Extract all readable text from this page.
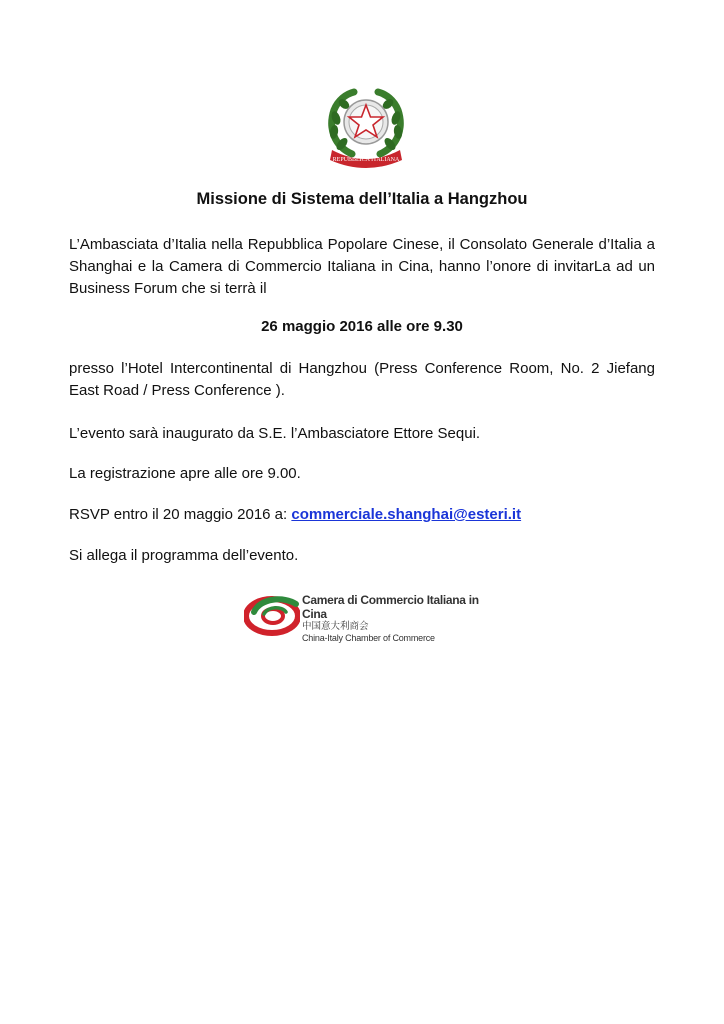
REPUBBLICA ITALIANA
Missione di Sistema dell’Italia a Hangzhou
L’Ambasciata d’Italia nella Repubblica Popolare Cinese, il Consolato Generale d’Italia a Shanghai e la Camera di Commercio Italiana in Cina, hanno l’onore di invitarLa ad un Business Forum che si terrà il
26 maggio 2016 alle ore 9.30
presso l’Hotel Intercontinental di Hangzhou (Press Conference Room, No. 2 Jiefang East Road / Press Conference ).
L’evento sarà inaugurato da S.E. l’Ambasciatore Ettore Sequi.
La registrazione apre alle ore 9.00.
RSVP entro il 20 maggio 2016 a: commerciale.shanghai@esteri.it
Si allega il programma dell’evento.
Camera di Commercio Italiana in Cina
中国意大利商会
China-Italy Chamber of Commerce
